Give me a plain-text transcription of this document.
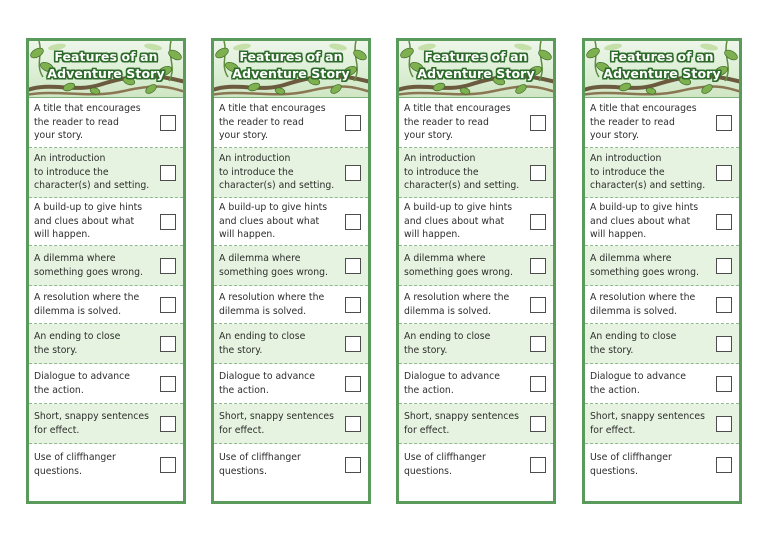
Features of an
Adventure Story
A title that encourages
the reader to read
your story.
An introduction
to introduce the
character(s) and setting.
A build-up to give hints
and clues about what
will happen.
A dilemma where
something goes wrong.
A resolution where the
dilemma is solved.
An ending to close
the story.
Dialogue to advance
the action.
Short, snappy sentences
for effect.
Use of cliffhanger
questions.
Features of an
Adventure Story
A title that encourages
the reader to read
your story.
An introduction
to introduce the
character(s) and setting.
A build-up to give hints
and clues about what
will happen.
A dilemma where
something goes wrong.
A resolution where the
dilemma is solved.
An ending to close
the story.
Dialogue to advance
the action.
Short, snappy sentences
for effect.
Use of cliffhanger
questions.
Features of an
Adventure Story
A title that encourages
the reader to read
your story.
An introduction
to introduce the
character(s) and setting.
A build-up to give hints
and clues about what
will happen.
A dilemma where
something goes wrong.
A resolution where the
dilemma is solved.
An ending to close
the story.
Dialogue to advance
the action.
Short, snappy sentences
for effect.
Use of cliffhanger
questions.
Features of an
Adventure Story
A title that encourages
the reader to read
your story.
An introduction
to introduce the
character(s) and setting.
A build-up to give hints
and clues about what
will happen.
A dilemma where
something goes wrong.
A resolution where the
dilemma is solved.
An ending to close
the story.
Dialogue to advance
the action.
Short, snappy sentences
for effect.
Use of cliffhanger
questions.
